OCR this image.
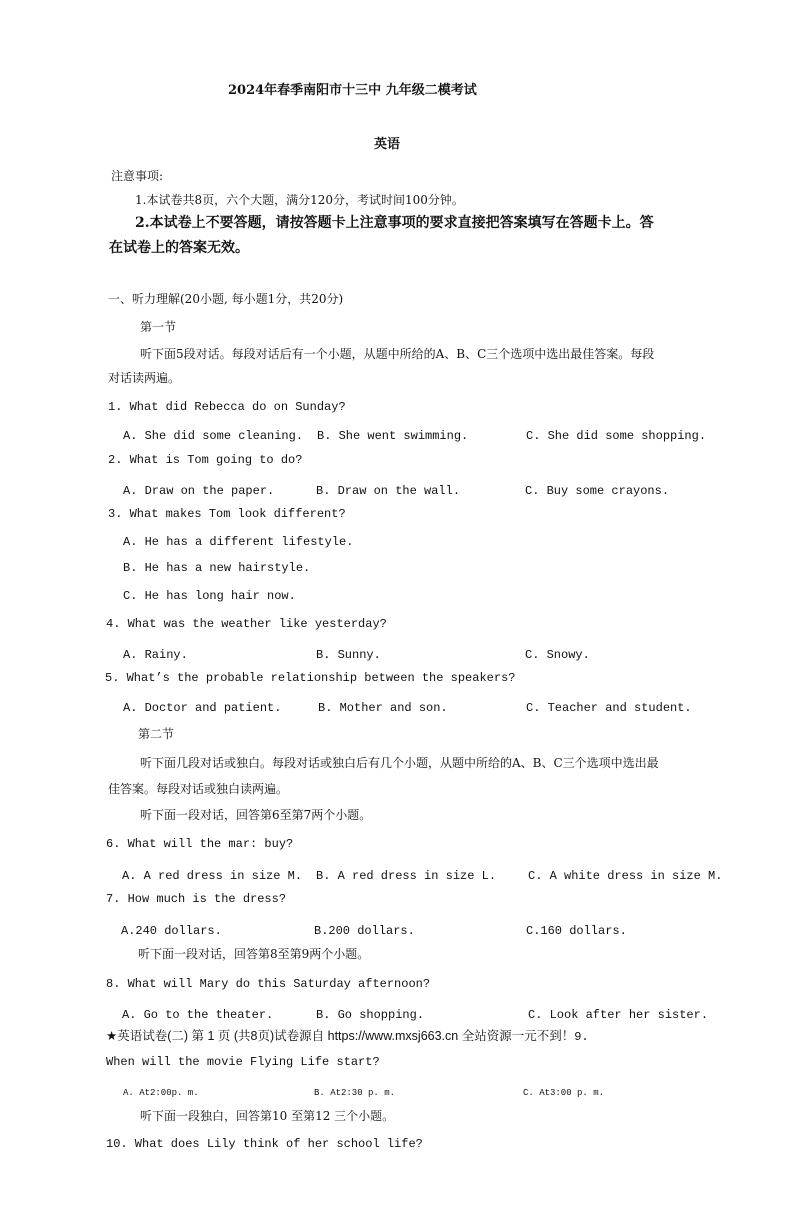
2024年春季南阳市十三中 九年级二模考试
英语
注意事项:
1.本试卷共8页，六个大题，满分120分，考试时间100分钟。
2.本试卷上不要答题，请按答题卡上注意事项的要求直接把答案填写在答题卡上。答
在试卷上的答案无效。
一、听力理解(20小题, 每小题1分，共20分)
第一节
听下面5段对话。每段对话后有一个小题，从题中所给的A、B、C三个选项中选出最佳答案。每段
对话读两遍。
1. What did Rebecca do on Sunday?
A. She did some cleaning. B. She went swimming.	C. She did some shopping.
2. What is Tom going to do?
A. Draw on the paper.	B. Draw on the wall.	C. Buy some crayons.
3. What makes Tom look different?
A. He has a different lifestyle.
B. He has a new hairstyle.
C. He has long hair now.
4. What was the weather like yesterday?
A. Rainy.	B. Sunny.	C. Snowy.
5. What’s the probable relationship between the speakers?
A. Doctor and patient.	B. Mother and son.	C. Teacher and student.
第二节
听下面几段对话或独白。每段对话或独白后有几个小题，从题中所给的A、B、C三个选项中选出最
佳答案。每段对话或独白读两遍。
听下面一段对话，回答第6至第7两个小题。
6. What will the mar: buy?
A. A red dress in size M. B. A red dress in size L.	C. A white dress in size M.
7. How much is the dress?
A.240 dollars.	B.200 dollars.	C.160 dollars.
听下面一段对话，回答第8至第9两个小题。
8. What will Mary do this Saturday afternoon?
A. Go to the theater.	B. Go shopping.	C. Look after her sister.
★英语试卷(二) 第 1 页 (共8页)试卷源自 https://www.mxsj663.cn 全站资源一元不到！9.
When will the movie Flying Life start?
A. At2:00p. m.	B. At2:30 p. m.	C. At3:00 p. m.
听下面一段独白，回答第10 至第12 三个小题。
10. What does Lily think of her school life?
